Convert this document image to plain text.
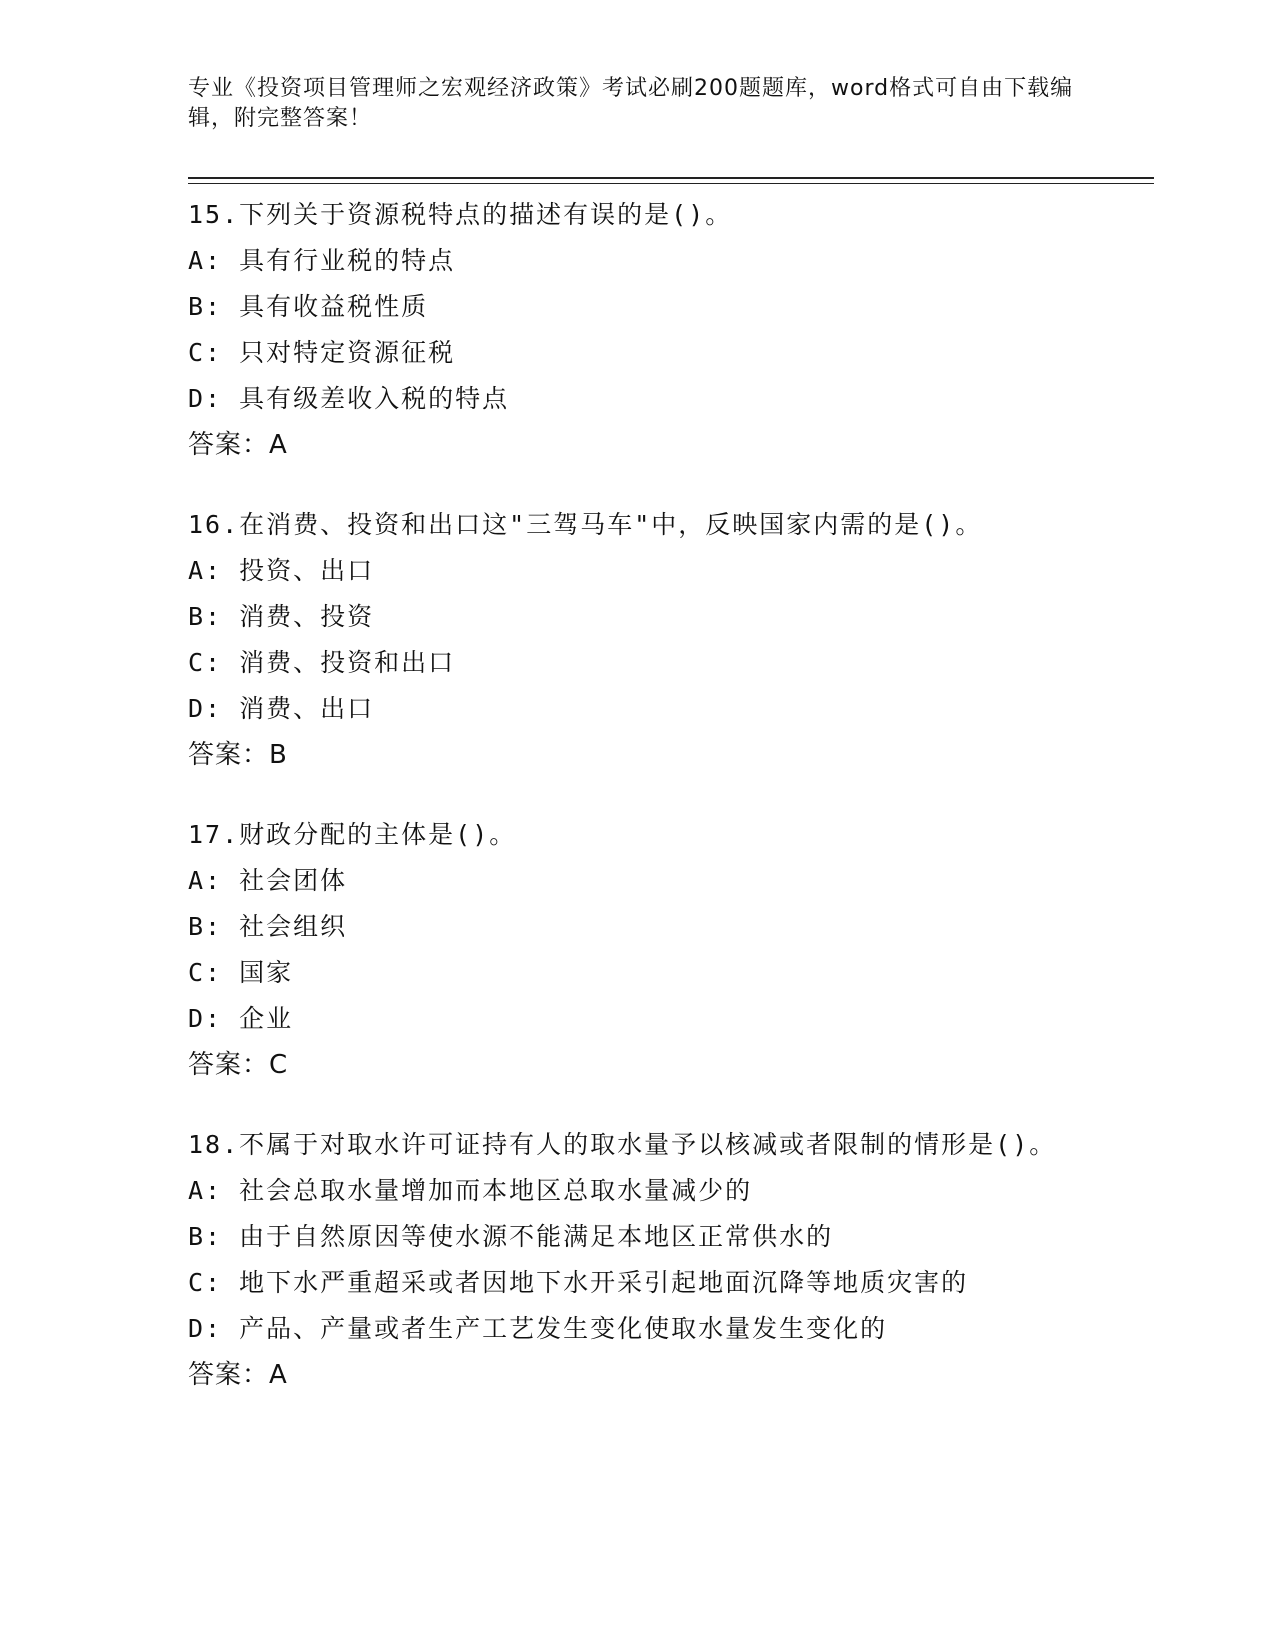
专业《投资项目管理师之宏观经济政策》考试必刷200题题库，word格式可自由下载编辑，附完整答案！
15.下列关于资源税特点的描述有误的是()。
A: 具有行业税的特点
B: 具有收益税性质
C: 只对特定资源征税
D: 具有级差收入税的特点
答案：A
16.在消费、投资和出口这"三驾马车"中，反映国家内需的是()。
A: 投资、出口
B: 消费、投资
C: 消费、投资和出口
D: 消费、出口
答案：B
17.财政分配的主体是()。
A: 社会团体
B: 社会组织
C: 国家
D: 企业
答案：C
18.不属于对取水许可证持有人的取水量予以核减或者限制的情形是()。
A: 社会总取水量增加而本地区总取水量减少的
B: 由于自然原因等使水源不能满足本地区正常供水的
C: 地下水严重超采或者因地下水开采引起地面沉降等地质灾害的
D: 产品、产量或者生产工艺发生变化使取水量发生变化的
答案：A
